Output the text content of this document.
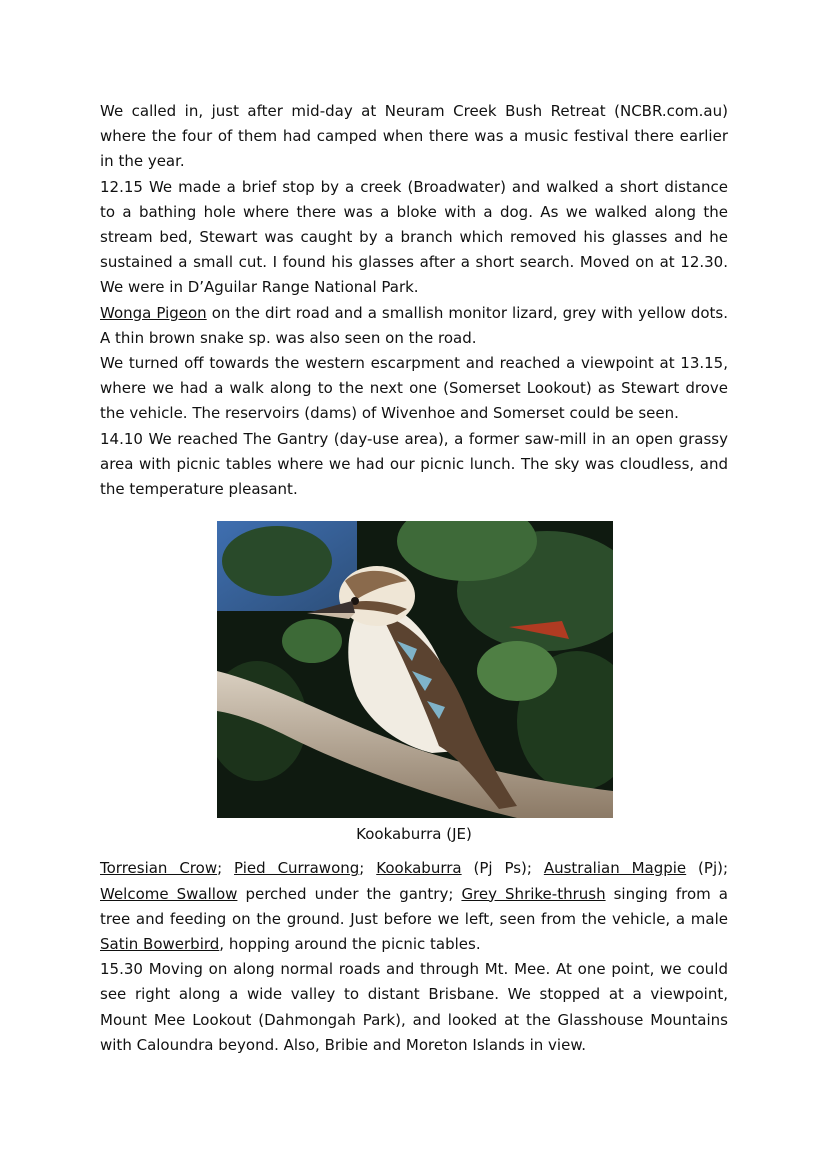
We called in, just after mid-day at Neuram Creek Bush Retreat (NCBR.com.au) where the four of them had camped when there was a music festival there earlier in the year.

12.15 We made a brief stop by a creek (Broadwater) and walked a short distance to a bathing hole where there was a bloke with a dog. As we walked along the stream bed, Stewart was caught by a branch which removed his glasses and he sustained a small cut. I found his glasses after a short search. Moved on at 12.30. We were in D’Aguilar Range National Park.

Wonga Pigeon on the dirt road and a smallish monitor lizard, grey with yellow dots. A thin brown snake sp. was also seen on the road.

We turned off towards the western escarpment and reached a viewpoint at 13.15, where we had a walk along to the next one (Somerset Lookout) as Stewart drove the vehicle. The reservoirs (dams) of Wivenhoe and Somerset could be seen.

14.10 We reached The Gantry (day-use area), a former saw-mill in an open grassy area with picnic tables where we had our picnic lunch. The sky was cloudless, and the temperature pleasant.

Kookaburra (JE)

Torresian Crow; Pied Currawong; Kookaburra (Pj Ps); Australian Magpie (Pj); Welcome Swallow perched under the gantry; Grey Shrike-thrush singing from a tree and feeding on the ground. Just before we left, seen from the vehicle, a male Satin Bowerbird, hopping around the picnic tables.

15.30 Moving on along normal roads and through Mt. Mee. At one point, we could see right along a wide valley to distant Brisbane. We stopped at a viewpoint, Mount Mee Lookout (Dahmongah Park), and looked at the Glasshouse Mountains with Caloundra beyond. Also, Bribie and Moreton Islands in view.
